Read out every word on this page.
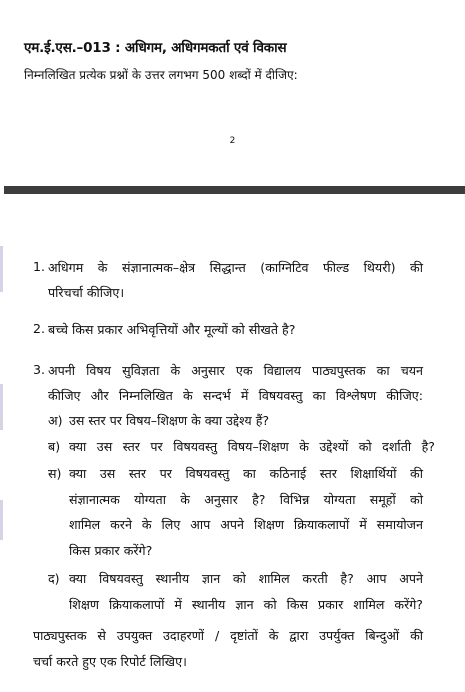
एम.ई.एस.–013 : अधिगम, अधिगमकर्ता एवं विकास
निम्नलिखित प्रत्येक प्रश्नों के उत्तर लगभग 500 शब्दों में दीजिए:
2
1. अधिगम के संज्ञानात्मक–क्षेत्र सिद्धान्त (काग्निटिव फील्ड थियरी) की
परिचर्चा कीजिए।
2. बच्चे किस प्रकार अभिवृत्तियों और मूल्यों को सीखते है?
3. अपनी विषय सुविज्ञता के अनुसार एक विद्यालय पाठ्यपुस्तक का चयन
कीजिए और निम्नलिखित के सन्दर्भ में विषयवस्तु का विश्लेषण कीजिए:
अ) उस स्तर पर विषय–शिक्षण के क्या उद्देश्य हैं?
ब) क्या उस स्तर पर विषयवस्तु विषय–शिक्षण के उद्देश्यों को दर्शाती है?
स) क्या उस स्तर पर विषयवस्तु का कठिनाई स्तर शिक्षार्थियों की
संज्ञानात्मक योग्यता के अनुसार है? विभिन्न योग्यता समूहों को
शामिल करने के लिए आप अपने शिक्षण क्रियाकलापों में समायोजन
किस प्रकार करेंगे?
द) क्या विषयवस्तु स्थानीय ज्ञान को शामिल करती है? आप अपने
शिक्षण क्रियाकलापों में स्थानीय ज्ञान को किस प्रकार शामिल करेंगे?
पाठ्यपुस्तक से उपयुक्त उदाहरणों / दृष्टांतों के द्वारा उपर्युक्त बिन्दुओं की
चर्चा करते हुए एक रिपोर्ट लिखिए।
